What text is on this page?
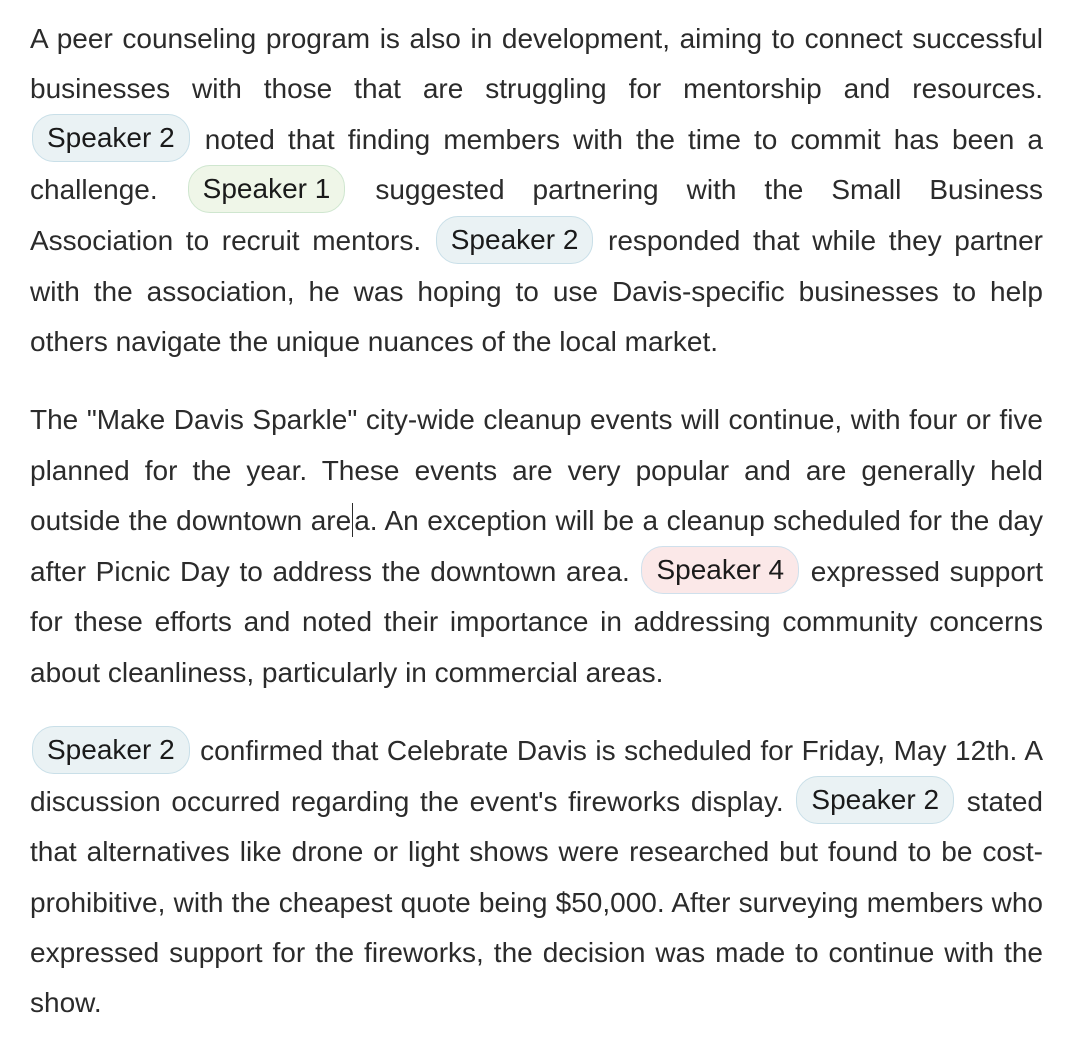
A peer counseling program is also in development, aiming to connect successful businesses with those that are struggling for mentorship and resources. Speaker 2 noted that finding members with the time to commit has been a challenge. Speaker 1 suggested partnering with the Small Business Association to recruit mentors. Speaker 2 responded that while they partner with the association, he was hoping to use Davis-specific businesses to help others navigate the unique nuances of the local market.

The "Make Davis Sparkle" city-wide cleanup events will continue, with four or five planned for the year. These events are very popular and are generally held outside the downtown are a. An exception will be a cleanup scheduled for the day after Picnic Day to address the downtown area. Speaker 4 expressed support for these efforts and noted their importance in addressing community concerns about cleanliness, particularly in commercial areas.

Speaker 2 confirmed that Celebrate Davis is scheduled for Friday, May 12th. A discussion occurred regarding the event's fireworks display. Speaker 2 stated that alternatives like drone or light shows were researched but found to be cost-prohibitive, with the cheapest quote being $50,000. After surveying members who expressed support for the fireworks, the decision was made to continue with the show.
